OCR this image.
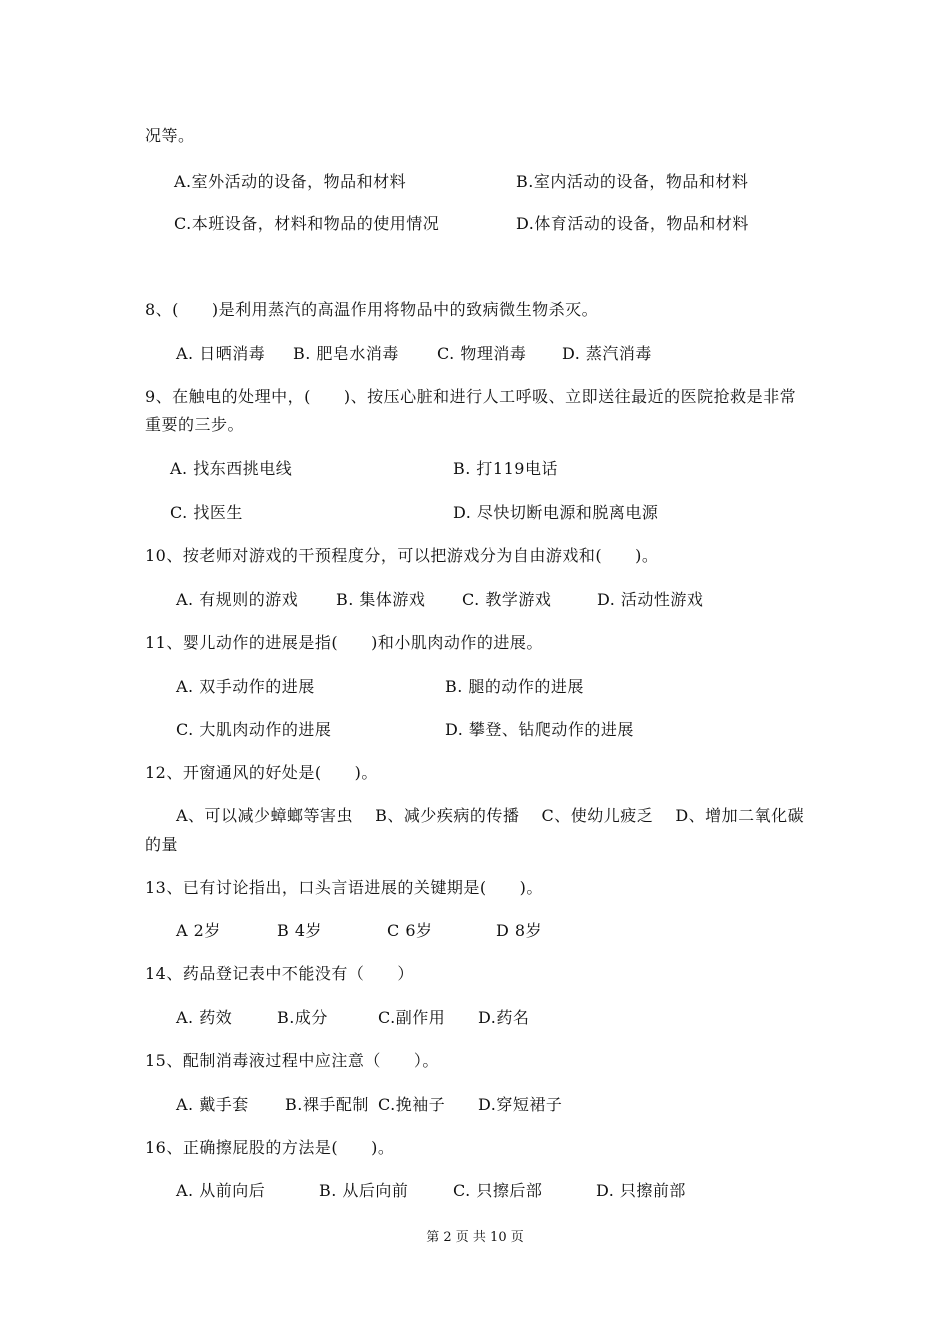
况等。
A.室外活动的设备，物品和材料	B.室内活动的设备，物品和材料
C.本班设备，材料和物品的使用情况	D.体育活动的设备，物品和材料
8、(　　)是利用蒸汽的高温作用将物品中的致病微生物杀灭。
A. 日晒消毒 B. 肥皂水消毒 C. 物理消毒 D. 蒸汽消毒
9、在触电的处理中，(　　)、按压心脏和进行人工呼吸、立即送往最近的医院抢救是非常
重要的三步。
A. 找东西挑电线	B. 打119电话
C. 找医生	D. 尽快切断电源和脱离电源
10、按老师对游戏的干预程度分，可以把游戏分为自由游戏和(　　)。
A. 有规则的游戏 B. 集体游戏 C. 教学游戏	D. 活动性游戏
11、婴儿动作的进展是指(　　)和小肌肉动作的进展。
A. 双手动作的进展	B. 腿的动作的进展
C. 大肌肉动作的进展	D. 攀登、钻爬动作的进展
12、开窗通风的好处是(　　)。
A、可以减少蟑螂等害虫　 B、减少疾病的传播　 C、使幼儿疲乏　 D、增加二氧化碳
的量
13、已有讨论指出，口头言语进展的关键期是(　　)。
A 2岁	B 4岁	C 6岁	D 8岁
14、药品登记表中不能没有（　　）
A. 药效	B.成分	C.副作用 D.药名
15、配制消毒液过程中应注意（　　）。
A. 戴手套 B.裸手配制 C.挽袖子 D.穿短裙子
16、正确擦屁股的方法是(　　)。
A. 从前向后	B. 从后向前	C. 只擦后部	D. 只擦前部
第 2 页 共 10 页
